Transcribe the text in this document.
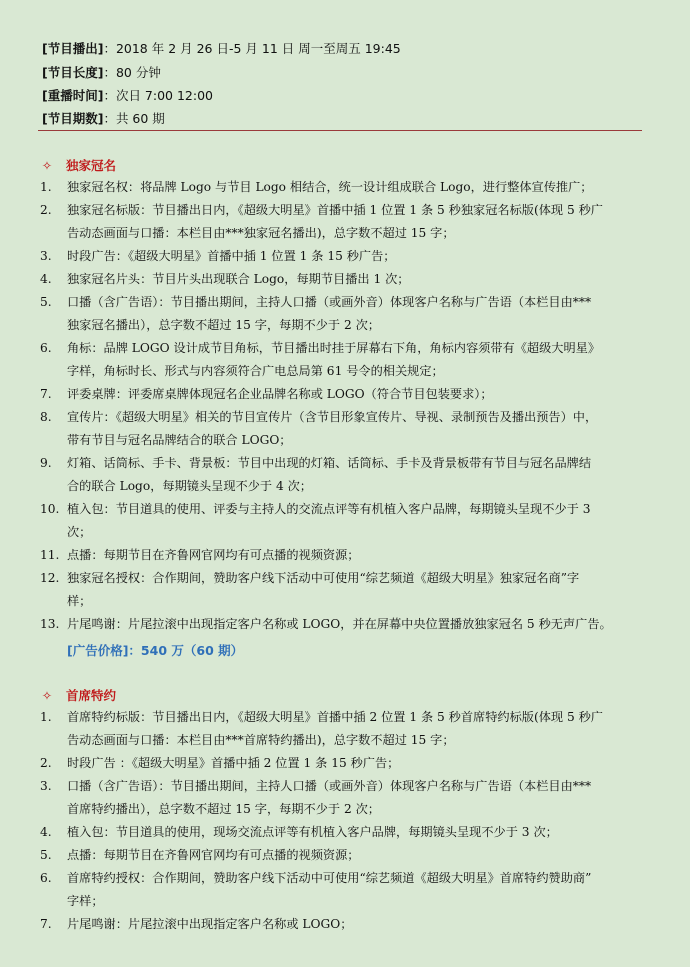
[节目播出]：2018 年 2 月 26 日-5 月 11 日 周一至周五 19:45
[节目长度]：80 分钟
[重播时间]：次日 7:00 12:00
[节目期数]：共 60 期
✧ 独家冠名
1.	独家冠名权：将品牌 Logo 与节目 Logo 相结合，统一设计组成联合 Logo，进行整体宣传推广；
2.	独家冠名标版：节目播出日内，《超级大明星》首播中插 1 位置 1 条 5 秒独家冠名标版(体现 5 秒广
告动态画面与口播：本栏目由***独家冠名播出)，总字数不超过 15 字；
3.	时段广告：《超级大明星》首播中插 1 位置 1 条 15 秒广告；
4.	独家冠名片头：节目片头出现联合 Logo，每期节目播出 1 次；
5.	口播（含广告语）：节目播出期间，主持人口播（或画外音）体现客户名称与广告语（本栏目由***
独家冠名播出），总字数不超过 15 字，每期不少于 2 次；
6.	角标：品牌 LOGO 设计成节目角标，节目播出时挂于屏幕右下角，角标内容须带有《超级大明星》
字样，角标时长、形式与内容须符合广电总局第 61 号令的相关规定；
7.	评委桌牌：评委席桌牌体现冠名企业品牌名称或 LOGO（符合节目包装要求）；
8.	宣传片：《超级大明星》相关的节目宣传片（含节目形象宣传片、导视、录制预告及播出预告）中，
带有节目与冠名品牌结合的联合 LOGO；
9.	灯箱、话筒标、手卡、背景板：节目中出现的灯箱、话筒标、手卡及背景板带有节目与冠名品牌结
合的联合 Logo，每期镜头呈现不少于 4 次；
10. 植入包：节目道具的使用、评委与主持人的交流点评等有机植入客户品牌，每期镜头呈现不少于 3
次；
11. 点播：每期节目在齐鲁网官网均有可点播的视频资源；
12. 独家冠名授权：合作期间，赞助客户线下活动中可使用“综艺频道《超级大明星》独家冠名商”字
样；
13. 片尾鸣谢：片尾拉滚中出现指定客户名称或 LOGO，并在屏幕中央位置播放独家冠名 5 秒无声广告。
[广告价格]：540 万（60 期）
✧ 首席特约
1.	首席特约标版：节目播出日内，《超级大明星》首播中插 2 位置 1 条 5 秒首席特约标版(体现 5 秒广
告动态画面与口播：本栏目由***首席特约播出)，总字数不超过 15 字；
2.	时段广告 ：《超级大明星》首播中插 2 位置 1 条 15 秒广告；
3.	口播（含广告语）：节目播出期间，主持人口播（或画外音）体现客户名称与广告语（本栏目由***
首席特约播出），总字数不超过 15 字，每期不少于 2 次；
4.	植入包：节目道具的使用，现场交流点评等有机植入客户品牌，每期镜头呈现不少于 3 次；
5.	点播：每期节目在齐鲁网官网均有可点播的视频资源；
6.	首席特约授权：合作期间，赞助客户线下活动中可使用“综艺频道《超级大明星》首席特约赞助商”
字样；
7.	片尾鸣谢：片尾拉滚中出现指定客户名称或 LOGO；
